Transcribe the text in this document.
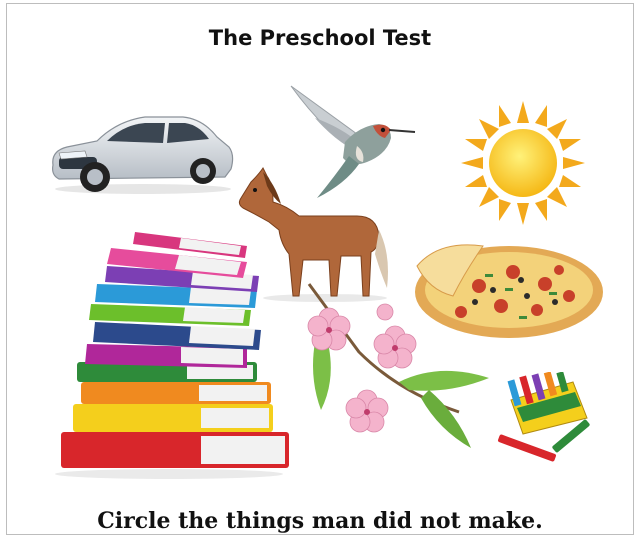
The Preschool Test
Circle the things man did not make.
